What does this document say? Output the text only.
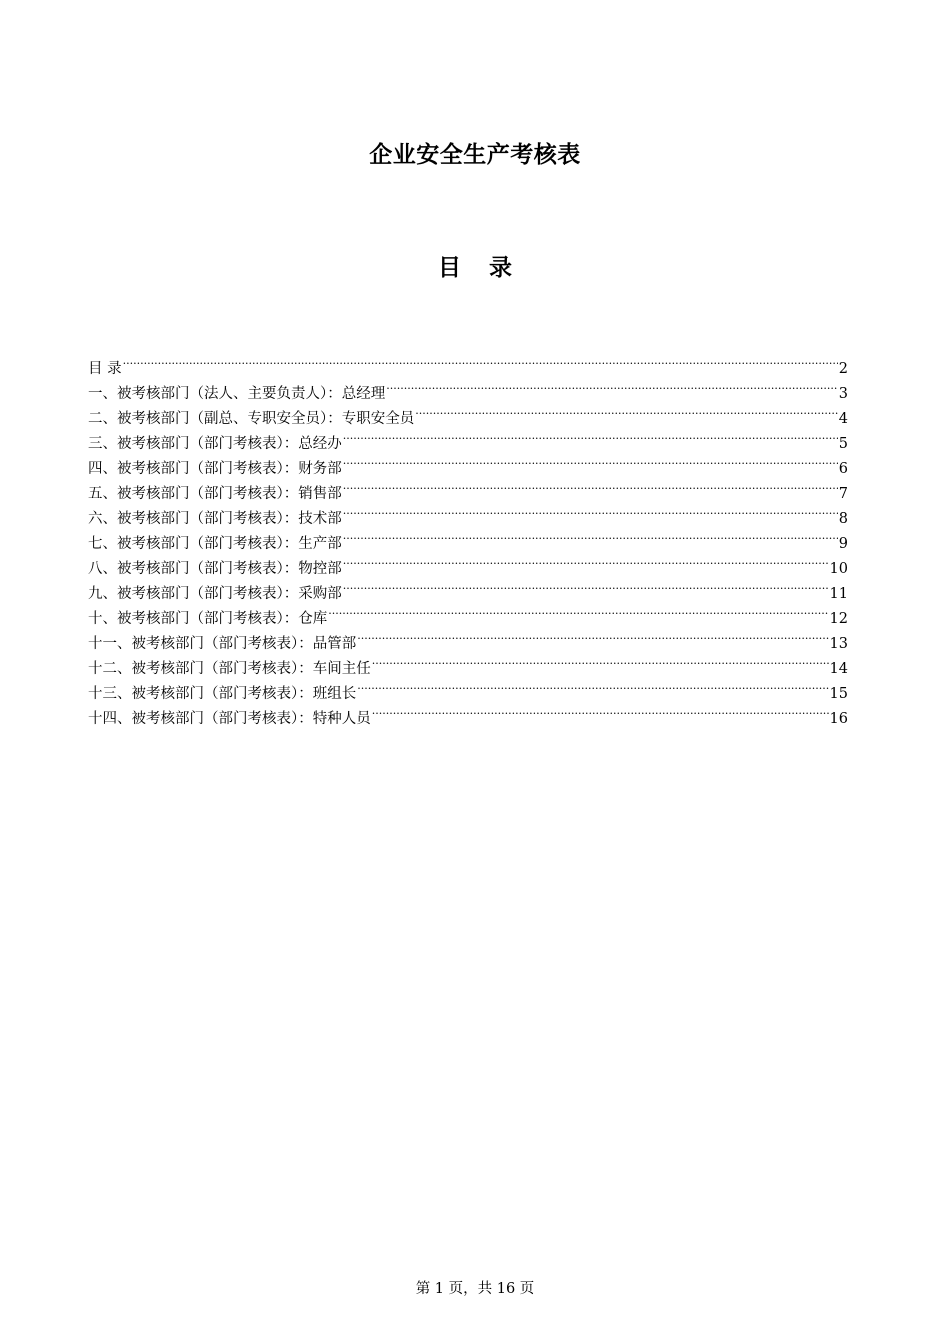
企业安全生产考核表
目 录
目 录 .....	2
一、被考核部门（法人、主要负责人）：总经理 .....	3
二、被考核部门（副总、专职安全员）：专职安全员 .....	4
三、被考核部门（部门考核表）：总经办 .....	5
四、被考核部门（部门考核表）：财务部 .....	6
五、被考核部门（部门考核表）：销售部 .....	7
六、被考核部门（部门考核表）：技术部 .....	8
七、被考核部门（部门考核表）：生产部 .....	9
八、被考核部门（部门考核表）：物控部 .....	10
九、被考核部门（部门考核表）：采购部 .....	11
十、被考核部门（部门考核表）：仓库 .....	12
十一、被考核部门（部门考核表）：品管部 .....	13
十二、被考核部门（部门考核表）：车间主任 .....	14
十三、被考核部门（部门考核表）：班组长 .....	15
十四、被考核部门（部门考核表）：特种人员 .....	16
第 1 页，共 16 页
